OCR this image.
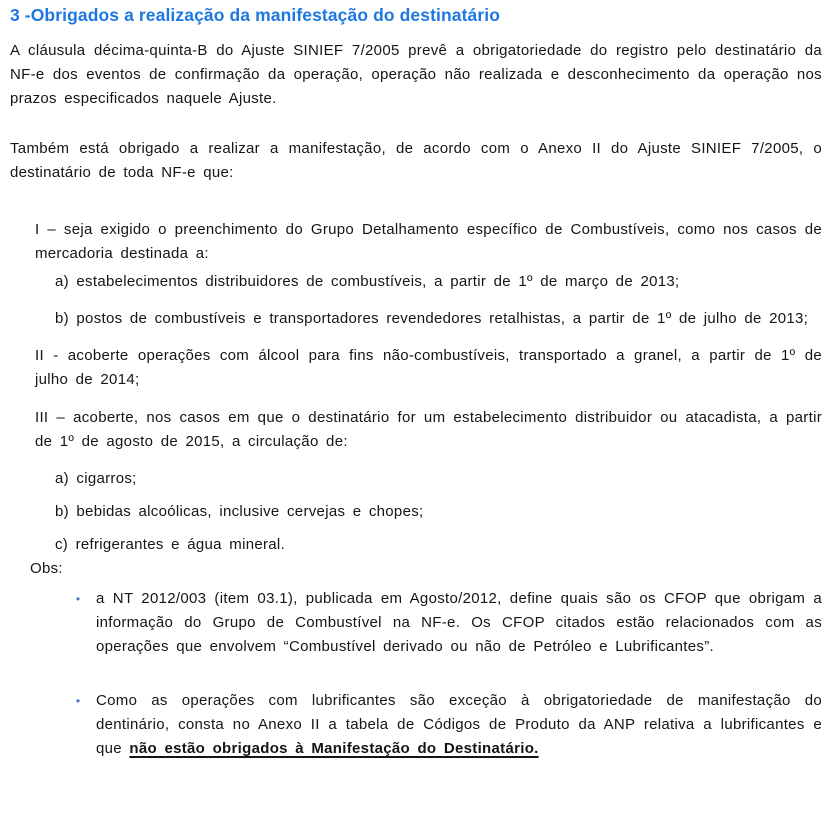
3 -Obrigados a realização da manifestação do destinatário

A cláusula décima-quinta-B do Ajuste SINIEF 7/2005 prevê a obrigatoriedade do registro pelo destinatário da NF-e dos eventos de confirmação da operação, operação não realizada e desconhecimento da operação nos prazos especificados naquele Ajuste.

Também está obrigado a realizar a manifestação, de acordo com o Anexo II do Ajuste SINIEF 7/2005, o destinatário de toda NF-e que:

I – seja exigido o preenchimento do Grupo Detalhamento específico de Combustíveis, como nos casos de mercadoria destinada a:

a) estabelecimentos distribuidores de combustíveis, a partir de 1º de março de 2013;

b) postos de combustíveis e transportadores revendedores retalhistas, a partir de 1º de julho de 2013;

II - acoberte operações com álcool para fins não-combustíveis, transportado a granel, a partir de 1º de julho de 2014;

III – acoberte, nos casos em que o destinatário for um estabelecimento distribuidor ou atacadista, a partir de 1º de agosto de 2015, a circulação de:

a) cigarros;

b) bebidas alcoólicas, inclusive cervejas e chopes;

c) refrigerantes e água mineral.

Obs:

•	a NT 2012/003 (item 03.1), publicada em Agosto/2012, define quais são os CFOP que obrigam a informação do Grupo de Combustível na NF-e. Os CFOP citados estão relacionados com as operações que envolvem “Combustível derivado ou não de Petróleo e Lubrificantes”.

•	Como as operações com lubrificantes são exceção à obrigatoriedade de manifestação do dentinário, consta no Anexo II a tabela de Códigos de Produto da ANP relativa a lubrificantes e que não estão obrigados à Manifestação do Destinatário.
